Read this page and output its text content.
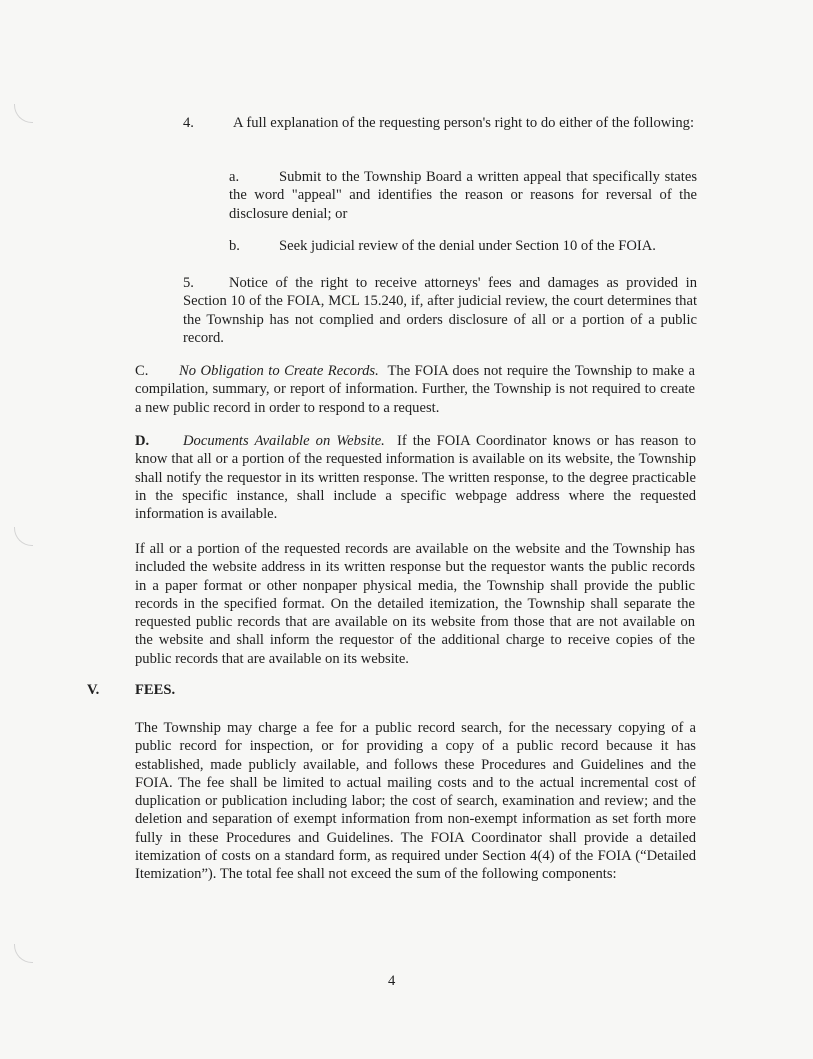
4.	A full explanation of the requesting person's right to do either of the following:

a.	Submit to the Township Board a written appeal that specifically states the word "appeal" and identifies the reason or reasons for reversal of the disclosure denial; or

b.	Seek judicial review of the denial under Section 10 of the FOIA.

5.	Notice of the right to receive attorneys' fees and damages as provided in Section 10 of the FOIA, MCL 15.240, if, after judicial review, the court determines that the Township has not complied and orders disclosure of all or a portion of a public record.

C.	No Obligation to Create Records. The FOIA does not require the Township to make a compilation, summary, or report of information. Further, the Township is not required to create a new public record in order to respond to a request.

D.	Documents Available on Website. If the FOIA Coordinator knows or has reason to know that all or a portion of the requested information is available on its website, the Township shall notify the requestor in its written response. The written response, to the degree practicable in the specific instance, shall include a specific webpage address where the requested information is available.

If all or a portion of the requested records are available on the website and the Township has included the website address in its written response but the requestor wants the public records in a paper format or other nonpaper physical media, the Township shall provide the public records in the specified format. On the detailed itemization, the Township shall separate the requested public records that are available on its website from those that are not available on the website and shall inform the requestor of the additional charge to receive copies of the public records that are available on its website.

V. FEES.

The Township may charge a fee for a public record search, for the necessary copying of a public record for inspection, or for providing a copy of a public record because it has established, made publicly available, and follows these Procedures and Guidelines and the FOIA. The fee shall be limited to actual mailing costs and to the actual incremental cost of duplication or publication including labor; the cost of search, examination and review; and the deletion and separation of exempt information from non-exempt information as set forth more fully in these Procedures and Guidelines. The FOIA Coordinator shall provide a detailed itemization of costs on a standard form, as required under Section 4(4) of the FOIA (“Detailed Itemization”). The total fee shall not exceed the sum of the following components:

4
